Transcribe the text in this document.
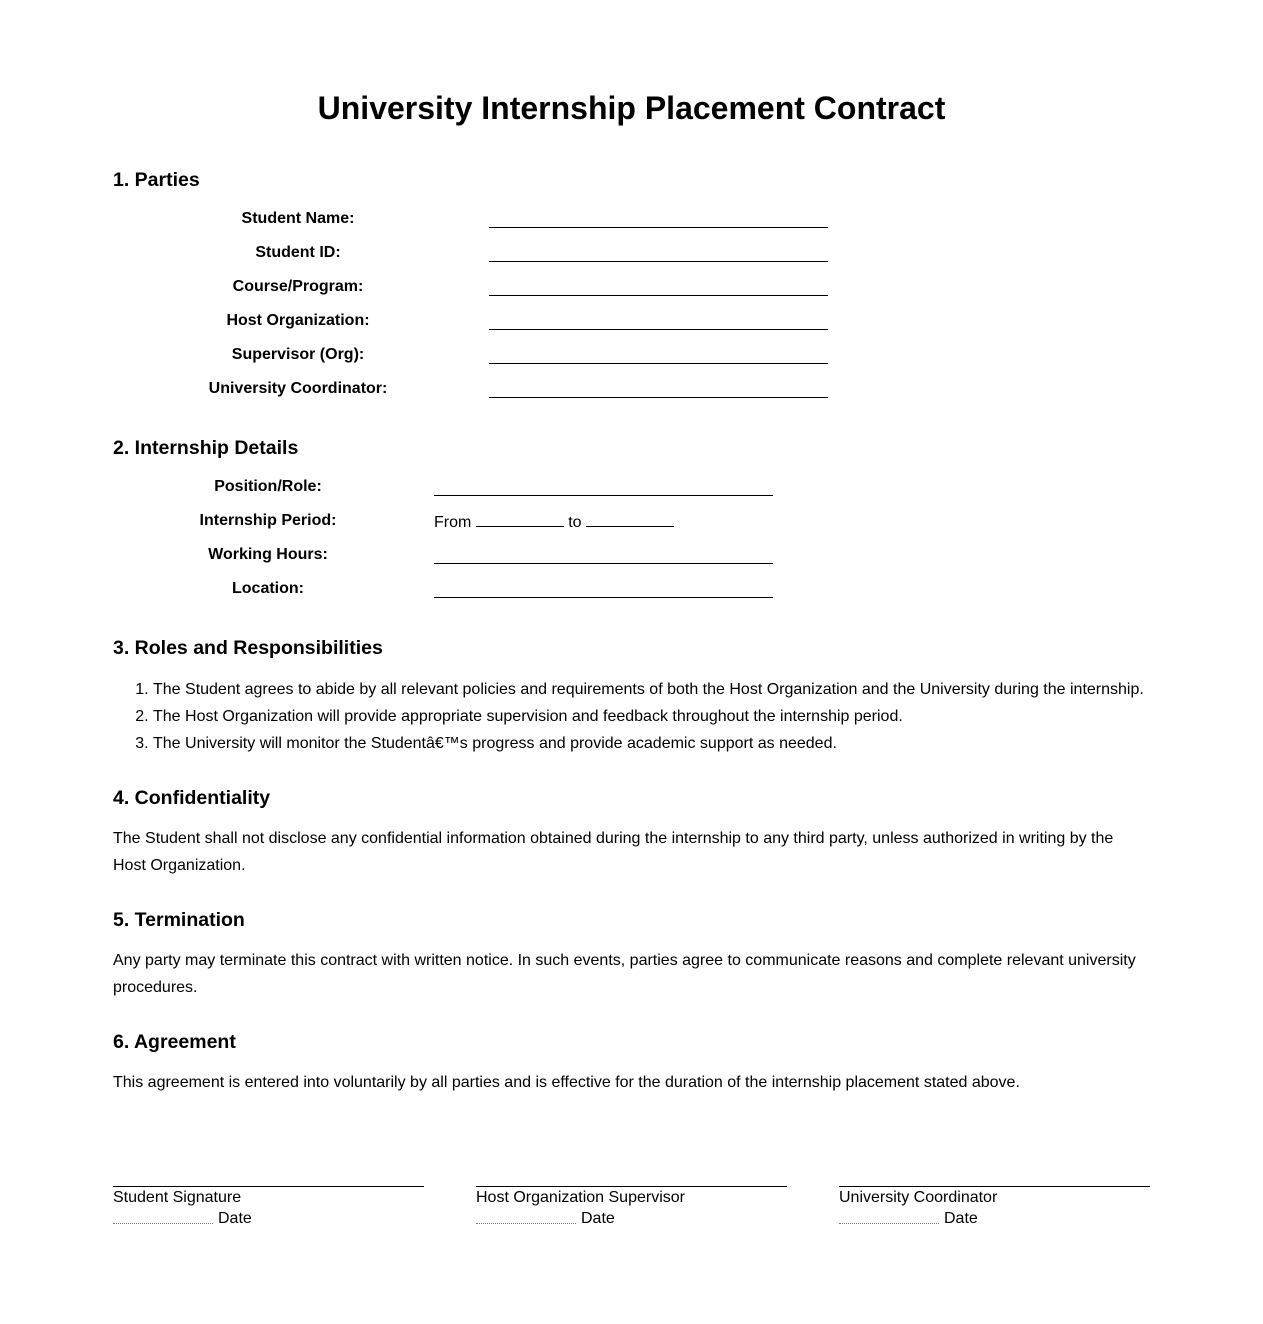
University Internship Placement Contract
1. Parties
Student Name:
Student ID:
Course/Program:
Host Organization:
Supervisor (Org):
University Coordinator:
2. Internship Details
Position/Role:
Internship Period:	From	to
Working Hours:
Location:
3. Roles and Responsibilities
1. The Student agrees to abide by all relevant policies and requirements of both the Host Organization and the University during the internship.
2. The Host Organization will provide appropriate supervision and feedback throughout the internship period.
3. The University will monitor the Studentâ€™s progress and provide academic support as needed.
4. Confidentiality
The Student shall not disclose any confidential information obtained during the internship to any third party, unless authorized in writing by the Host Organization.
5. Termination
Any party may terminate this contract with written notice. In such events, parties agree to communicate reasons and complete relevant university procedures.
6. Agreement
This agreement is entered into voluntarily by all parties and is effective for the duration of the internship placement stated above.
Student Signature
Date
Host Organization Supervisor
Date
University Coordinator
Date
